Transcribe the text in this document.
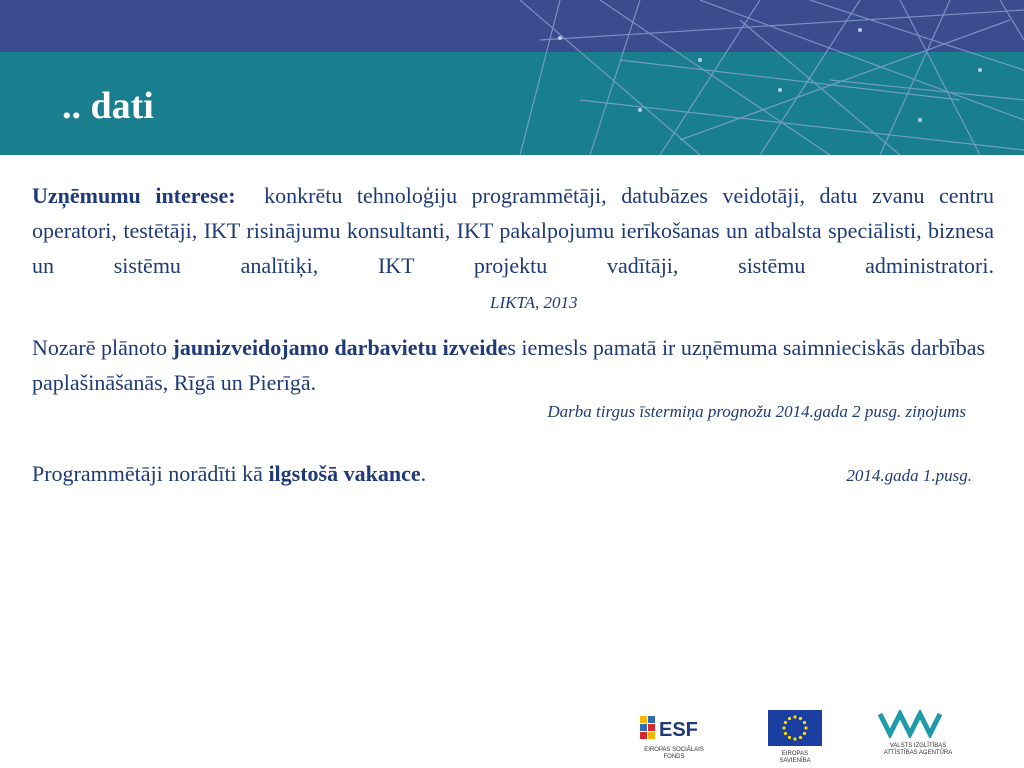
.. dati

Uzņēmumu interese: konkrētu tehnoloģiju programmētāji, datubāzes veidotāji, datu zvanu centru operatori, testētāji, IKT risinājumu konsultanti, IKT pakalpojumu ierīkošanas un atbalsta speciālisti, biznesa un sistēmu analītiķi, IKT projektu vadītāji, sistēmu administratori. LIKTA, 2013

Nozarē plānoto jaunizveidojamo darbavietu izveides iemesls pamatā ir uzņēmuma saimnieciskās darbības paplašināšanās, Rīgā un Pierīgā.

Darba tirgus īstermiņa prognožu 2014.gada 2 pusg. ziņojums

Programmētāji norādīti kā ilgstošā vakance.	2014.gada 1.pusg.
ESF
EIROPAS SOCIĀLAIS
FONDS	EIROPAS SAVIENĪBA
VALSTS IZGLĪTĪBAS
ATTĪSTĪBAS AĢENTŪRA
